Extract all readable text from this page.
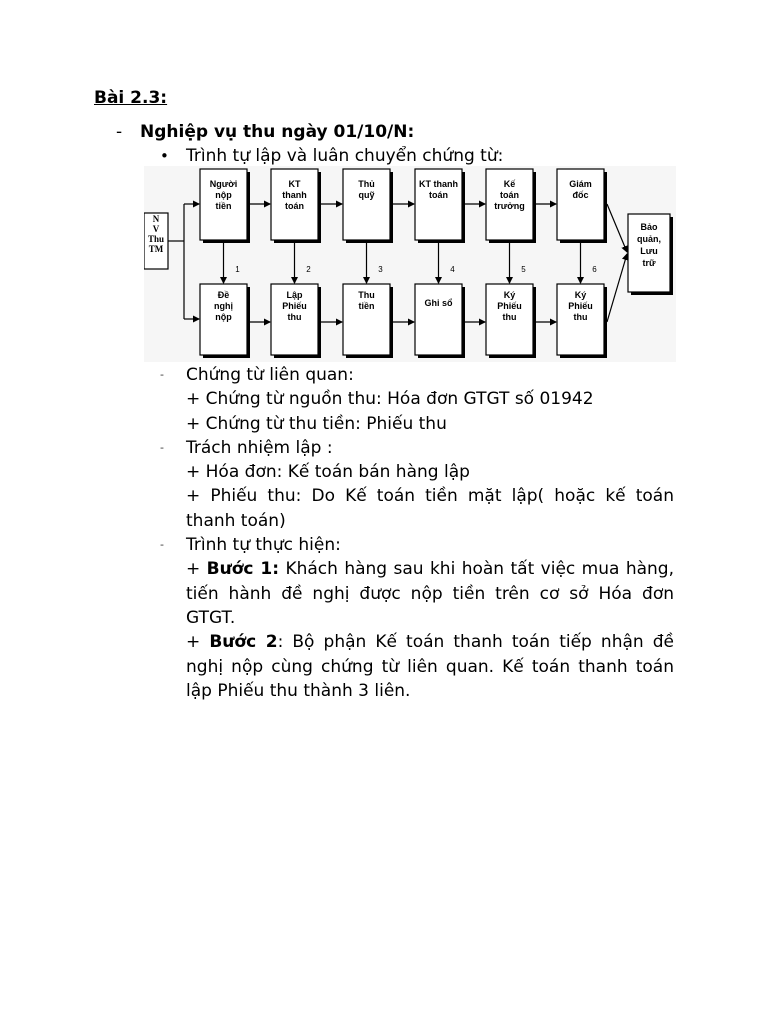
Bài 2.3:
- Nghiệp vụ thu ngày 01/10/N:
• Trình tự lập và luân chuyển chứng từ:
N
V
Thu
TM
Người
nộp
tiền
Đề
nghị
nộp
1
KT
thanh
toán
Lập
Phiếu
thu
2
Thủ
quỹ
Thu
tiền
3
KT thanh
toán
Ghi sổ
4
Kế
toán
trưởng
Ký
Phiếu
thu
5
Giám
đốc
Ký
Phiếu
thu
6
Bảo
quản,
Lưu
trữ
-	Chứng từ liên quan:
+ Chứng từ nguồn thu: Hóa đơn GTGT số 01942
+ Chứng từ thu tiền: Phiếu thu
-	Trách nhiệm lập :
+ Hóa đơn: Kế toán bán hàng lập
+ Phiếu thu: Do Kế toán tiền mặt lập( hoặc kế toán thanh toán)
-	Trình tự thực hiện:
+ Bước 1: Khách hàng sau khi hoàn tất việc mua hàng, tiến hành đề nghị được nộp tiền trên cơ sở Hóa đơn GTGT.
+ Bước 2: Bộ phận Kế toán thanh toán tiếp nhận đề nghị nộp cùng chứng từ liên quan. Kế toán thanh toán lập Phiếu thu thành 3 liên.
